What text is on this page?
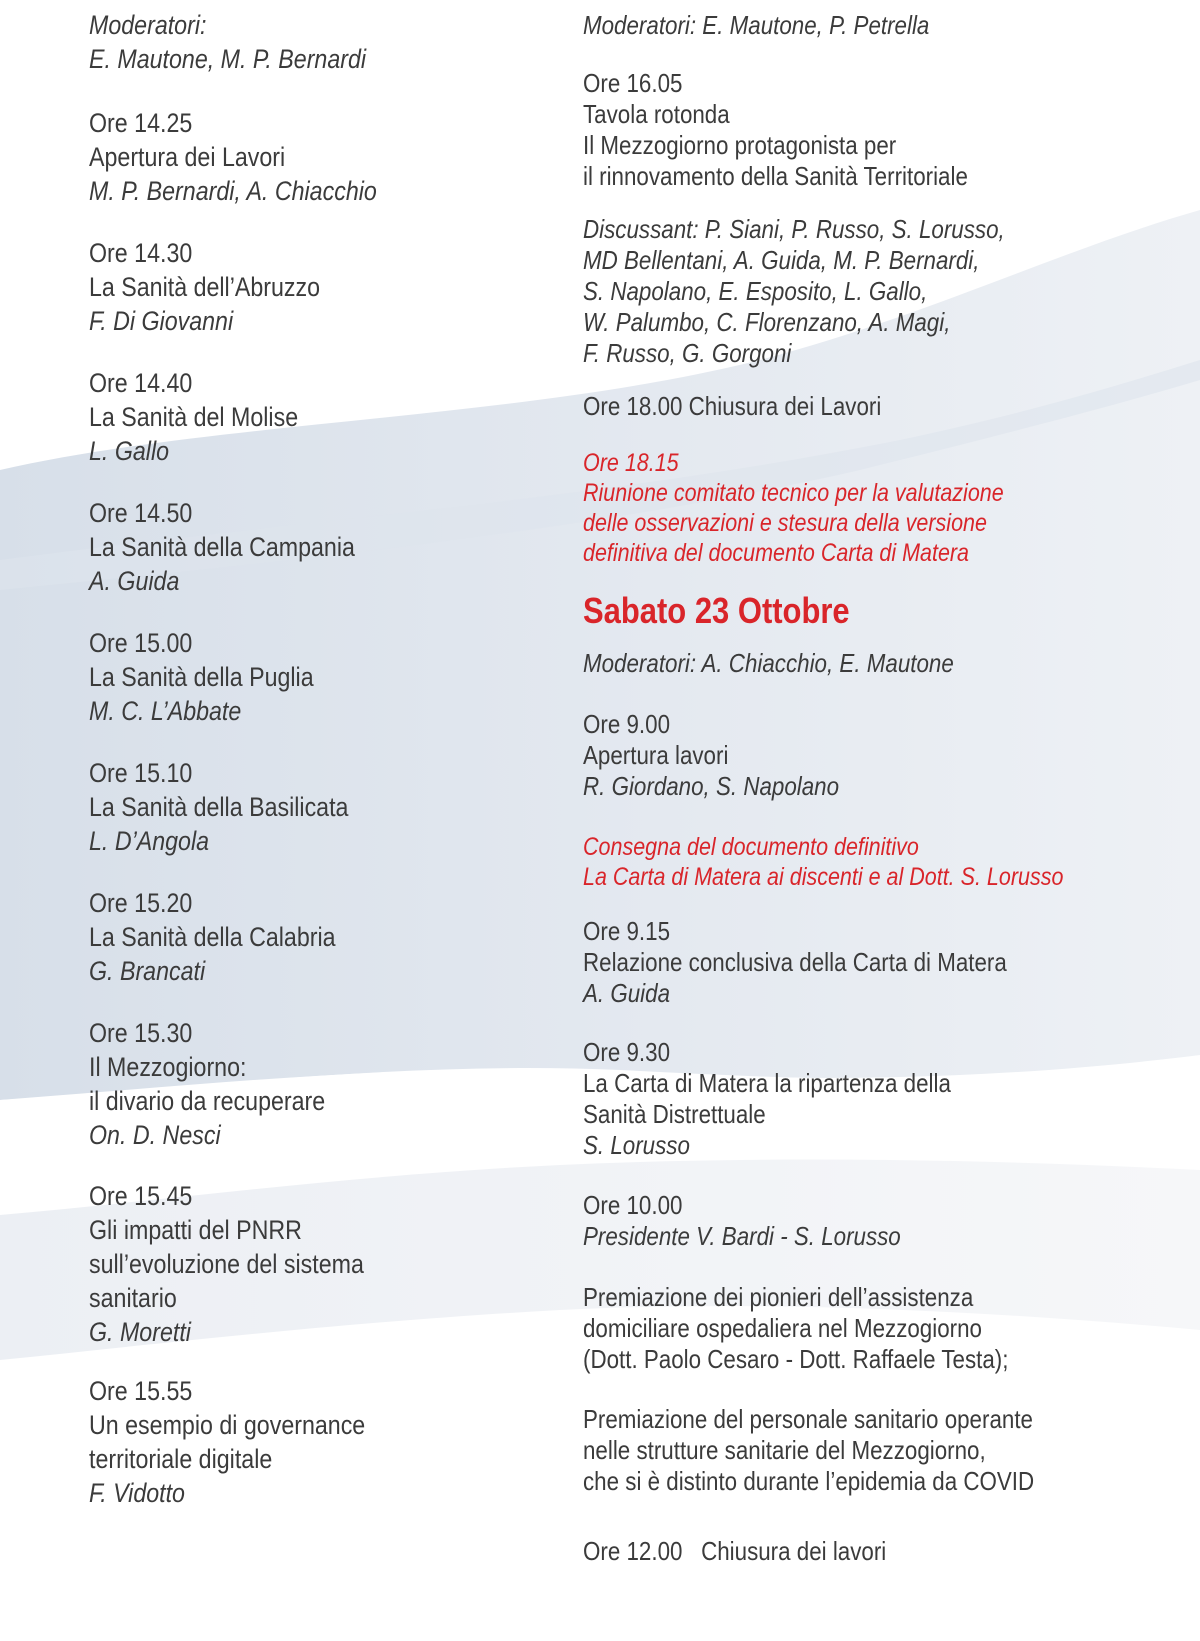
Moderatori:
E. Mautone, M. P. Bernardi
Ore 14.25
Apertura dei Lavori
M. P. Bernardi, A. Chiacchio
Ore 14.30
La Sanità dell’Abruzzo
F. Di Giovanni
Ore 14.40
La Sanità del Molise
L. Gallo
Ore 14.50
La Sanità della Campania
A. Guida
Ore 15.00
La Sanità della Puglia
M. C. L’Abbate
Ore 15.10
La Sanità della Basilicata
L. D’Angola
Ore 15.20
La Sanità della Calabria
G. Brancati
Ore 15.30
Il Mezzogiorno:
il divario da recuperare
On. D. Nesci
Ore 15.45
Gli impatti del PNRR
sull’evoluzione del sistema
sanitario
G. Moretti
Ore 15.55
Un esempio di governance
territoriale digitale
F. Vidotto
Moderatori: E. Mautone, P. Petrella
Ore 16.05
Tavola rotonda
Il Mezzogiorno protagonista per
il rinnovamento della Sanità Territoriale
Discussant: P. Siani, P. Russo, S. Lorusso,
MD Bellentani, A. Guida, M. P. Bernardi,
S. Napolano, E. Esposito, L. Gallo,
W. Palumbo, C. Florenzano, A. Magi,
F. Russo, G. Gorgoni
Ore 18.00 Chiusura dei Lavori
Ore 18.15
Riunione comitato tecnico per la valutazione
delle osservazioni e stesura della versione
definitiva del documento Carta di Matera
Sabato 23 Ottobre
Moderatori: A. Chiacchio, E. Mautone
Ore 9.00
Apertura lavori
R. Giordano, S. Napolano
Consegna del documento definitivo
La Carta di Matera ai discenti e al Dott. S. Lorusso
Ore 9.15
Relazione conclusiva della Carta di Matera
A. Guida
Ore 9.30
La Carta di Matera la ripartenza della
Sanità Distrettuale
S. Lorusso
Ore 10.00
Presidente V. Bardi - S. Lorusso
Premiazione dei pionieri dell’assistenza
domiciliare ospedaliera nel Mezzogiorno
(Dott. Paolo Cesaro - Dott. Raffaele Testa);
Premiazione del personale sanitario operante
nelle strutture sanitarie del Mezzogiorno,
che si è distinto durante l’epidemia da COVID
Ore 12.00   Chiusura dei lavori
